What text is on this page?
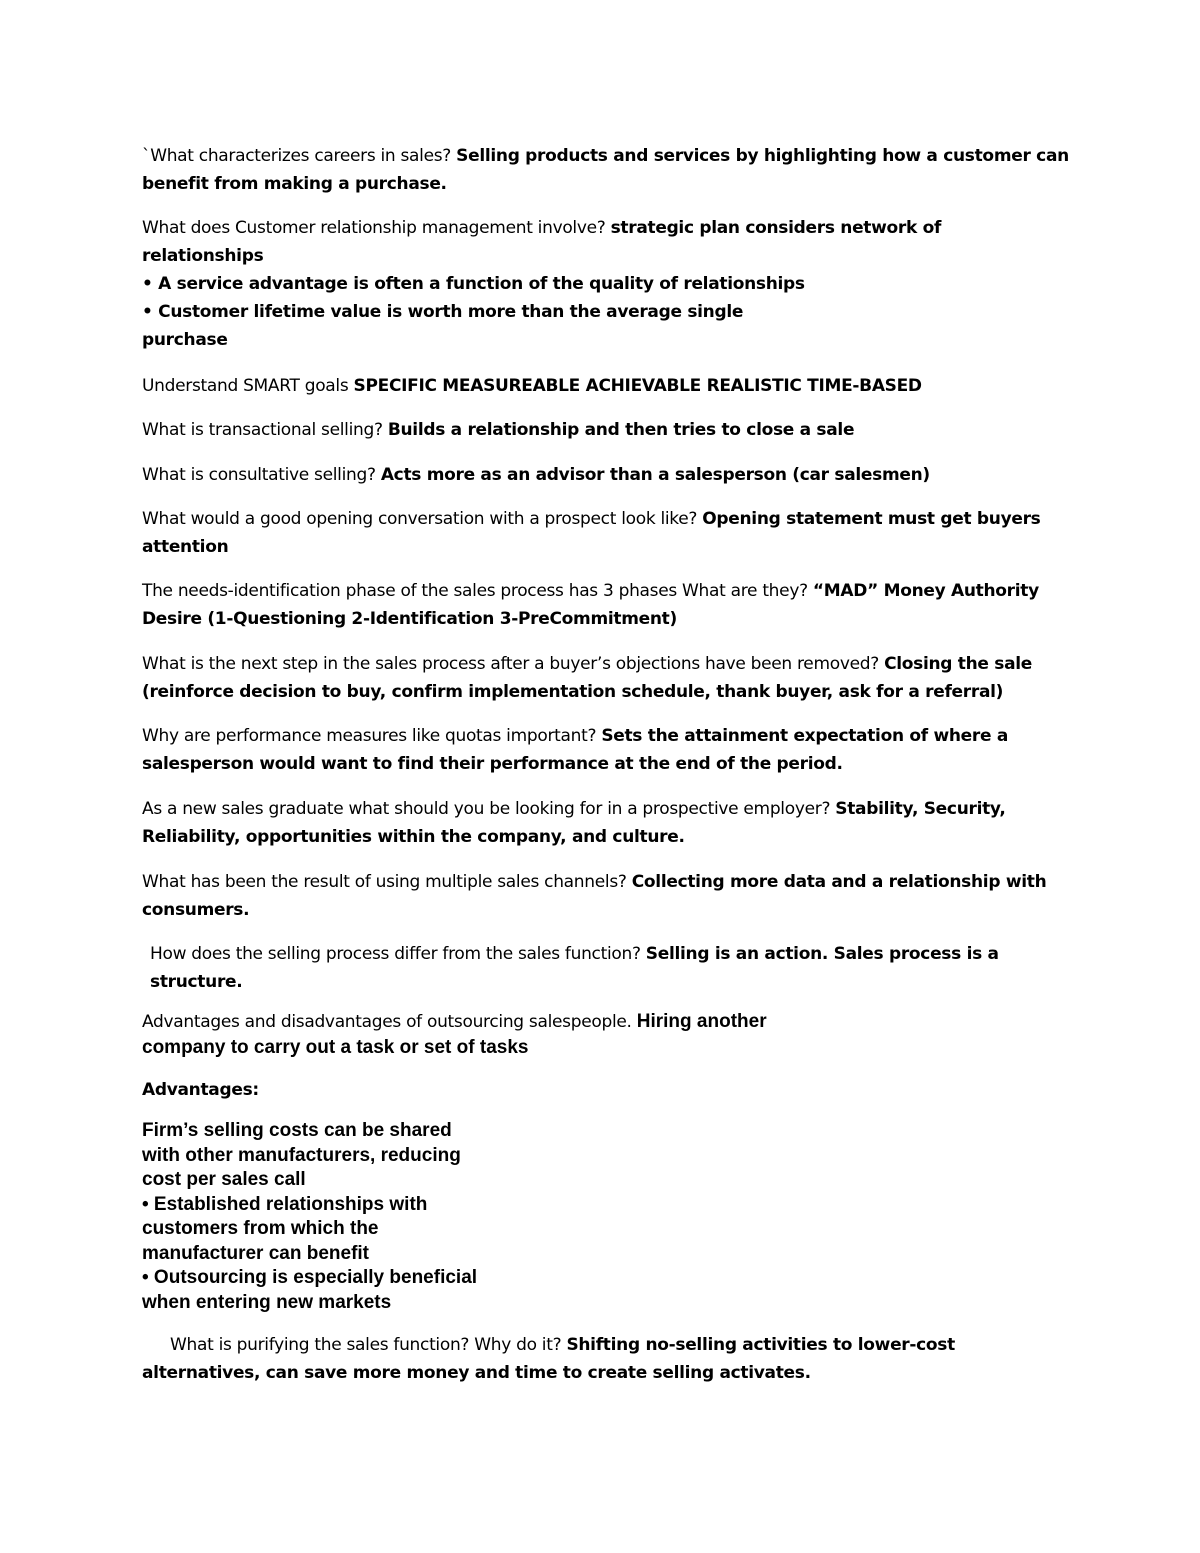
`What characterizes careers in sales? Selling products and services by highlighting how a customer can benefit from making a purchase.

What does Customer relationship management involve? strategic plan considers network of
relationships
• A service advantage is often a function of the quality of relationships
• Customer lifetime value is worth more than the average single
purchase

Understand SMART goals SPECIFIC MEASUREABLE ACHIEVABLE REALISTIC TIME-BASED

What is transactional selling? Builds a relationship and then tries to close a sale

What is consultative selling? Acts more as an advisor than a salesperson (car salesmen)

What would a good opening conversation with a prospect look like? Opening statement must get buyers attention

The needs-identification phase of the sales process has 3 phases What are they? “MAD” Money Authority Desire (1-Questioning 2-Identification 3-PreCommitment)

What is the next step in the sales process after a buyer’s objections have been removed? Closing the sale (reinforce decision to buy, confirm implementation schedule, thank buyer, ask for a referral)

Why are performance measures like quotas important? Sets the attainment expectation of where a salesperson would want to find their performance at the end of the period.

As a new sales graduate what should you be looking for in a prospective employer? Stability, Security, Reliability, opportunities within the company, and culture.

What has been the result of using multiple sales channels? Collecting more data and a relationship with consumers.

How does the selling process differ from the sales function? Selling is an action. Sales process is a structure.

Advantages and disadvantages of outsourcing salespeople. Hiring another
company to carry out a task or set of tasks
Advantages:
Firm’s selling costs can be shared
with other manufacturers, reducing
cost per sales call
• Established relationships with
customers from which the
manufacturer can benefit
• Outsourcing is especially beneficial
when entering new markets

What is purifying the sales function? Why do it? Shifting no-selling activities to lower-cost alternatives, can save more money and time to create selling activates.
